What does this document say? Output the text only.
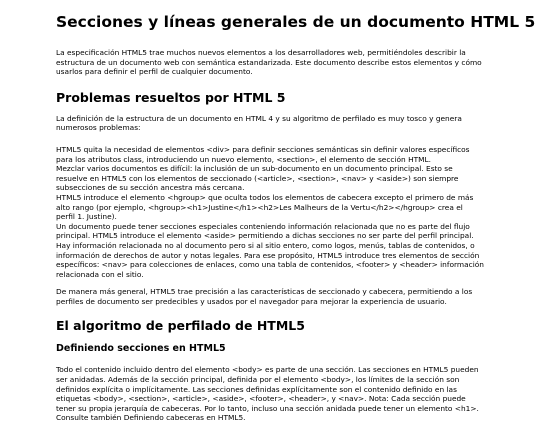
Secciones y líneas generales de un documento HTML 5

La especificación HTML5 trae muchos nuevos elementos a los desarrolladores web, permitiéndoles describir la estructura de un documento web con semántica estandarizada. Este documento describe estos elementos y cómo usarlos para definir el perfil de cualquier documento.

Problemas resueltos por HTML 5

La definición de la estructura de un documento en HTML 4 y su algoritmo de perfilado es muy tosco y genera numerosos problemas:

HTML5 quita la necesidad de elementos <div> para definir secciones semánticas sin definir valores específicos para los atributos class, introduciendo un nuevo elemento, <section>, el elemento de sección HTML.
Mezclar varios documentos es difícil: la inclusión de un sub-documento en un documento principal. Esto se resuelve en HTML5 con los elementos de seccionado (<article>, <section>, <nav> y <aside>) son siempre subsecciones de su sección ancestra más cercana.
HTML5 introduce el elemento <hgroup> que oculta todos los elementos de cabecera excepto el primero de más alto rango (por ejemplo, <hgroup><h1>Justine</h1><h2>Les Malheurs de la Vertu</h2></hgroup> crea el perfil 1. Justine).
Un documento puede tener secciones especiales conteniendo información relacionada que no es parte del flujo principal. HTML5 introduce el elemento <aside> permitiendo a dichas secciones no ser parte del perfil principal.
Hay información relacionada no al documento pero si al sitio entero, como logos, menús, tablas de contenidos, o información de derechos de autor y notas legales. Para ese propósito, HTML5 introduce tres elementos de sección específicos: <nav> para colecciones de enlaces, como una tabla de contenidos, <footer> y <header> información relacionada con el sitio.

De manera más general, HTML5 trae precisión a las características de seccionado y cabecera, permitiendo a los perfiles de documento ser predecibles y usados por el navegador para mejorar la experiencia de usuario.

El algoritmo de perfilado de HTML5
Definiendo secciones en HTML5

Todo el contenido incluido dentro del elemento <body> es parte de una sección. Las secciones en HTML5 pueden ser anidadas. Además de la sección principal, definida por el elemento <body>, los límites de la sección son definidos explícita o implícitamente. Las secciones definidas explícitamente son el contenido definido en las etiquetas <body>, <section>, <article>, <aside>, <footer>, <header>, y <nav>. Nota: Cada sección puede tener su propia jerarquía de cabeceras. Por lo tanto, incluso una sección anidada puede tener un elemento <h1>. Consulte también Definiendo cabeceras en HTML5.
